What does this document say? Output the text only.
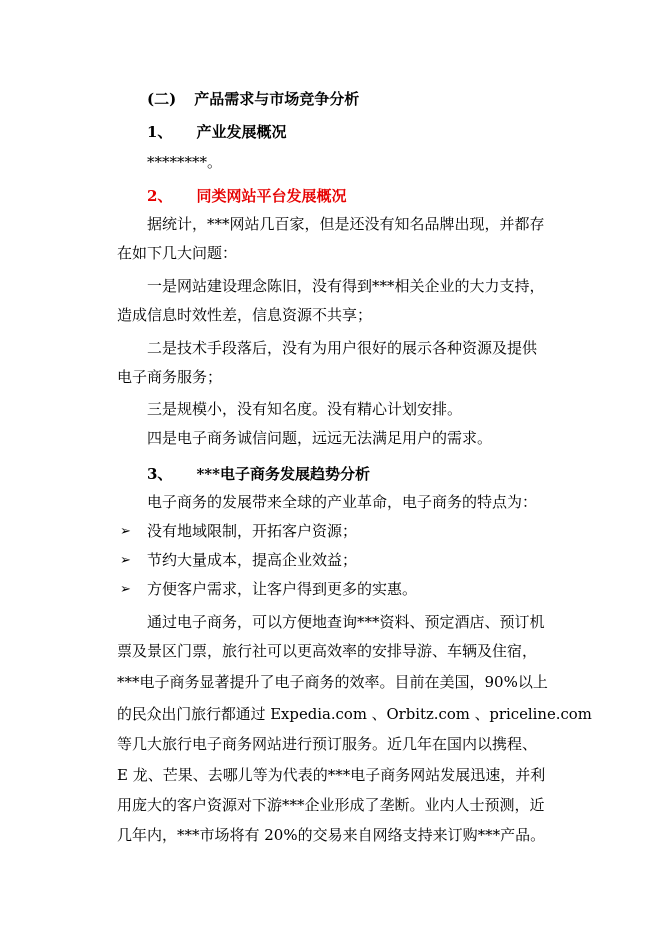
(二) 产品需求与市场竞争分析
1、 产业发展概况
********。
2、 同类网站平台发展概况
据统计，***网站几百家，但是还没有知名品牌出现，并都存
在如下几大问题：
一是网站建设理念陈旧，没有得到***相关企业的大力支持，
造成信息时效性差，信息资源不共享；
二是技术手段落后，没有为用户很好的展示各种资源及提供
电子商务服务；
三是规模小，没有知名度。没有精心计划安排。
四是电子商务诚信问题，远远无法满足用户的需求。
3、 ***电子商务发展趋势分析
电子商务的发展带来全球的产业革命，电子商务的特点为：
➢ 没有地域限制，开拓客户资源；
➢ 节约大量成本，提高企业效益；
➢ 方便客户需求，让客户得到更多的实惠。
通过电子商务，可以方便地查询***资料、预定酒店、预订机
票及景区门票，旅行社可以更高效率的安排导游、车辆及住宿，
***电子商务显著提升了电子商务的效率。目前在美国，90%以上
的民众出门旅行都通过 Expedia.com 、Orbitz.com 、priceline.com
等几大旅行电子商务网站进行预订服务。近几年在国内以携程、
E 龙、芒果、去哪儿等为代表的***电子商务网站发展迅速，并利
用庞大的客户资源对下游***企业形成了垄断。业内人士预测，近
几年内，***市场将有 20%的交易来自网络支持来订购***产品。
